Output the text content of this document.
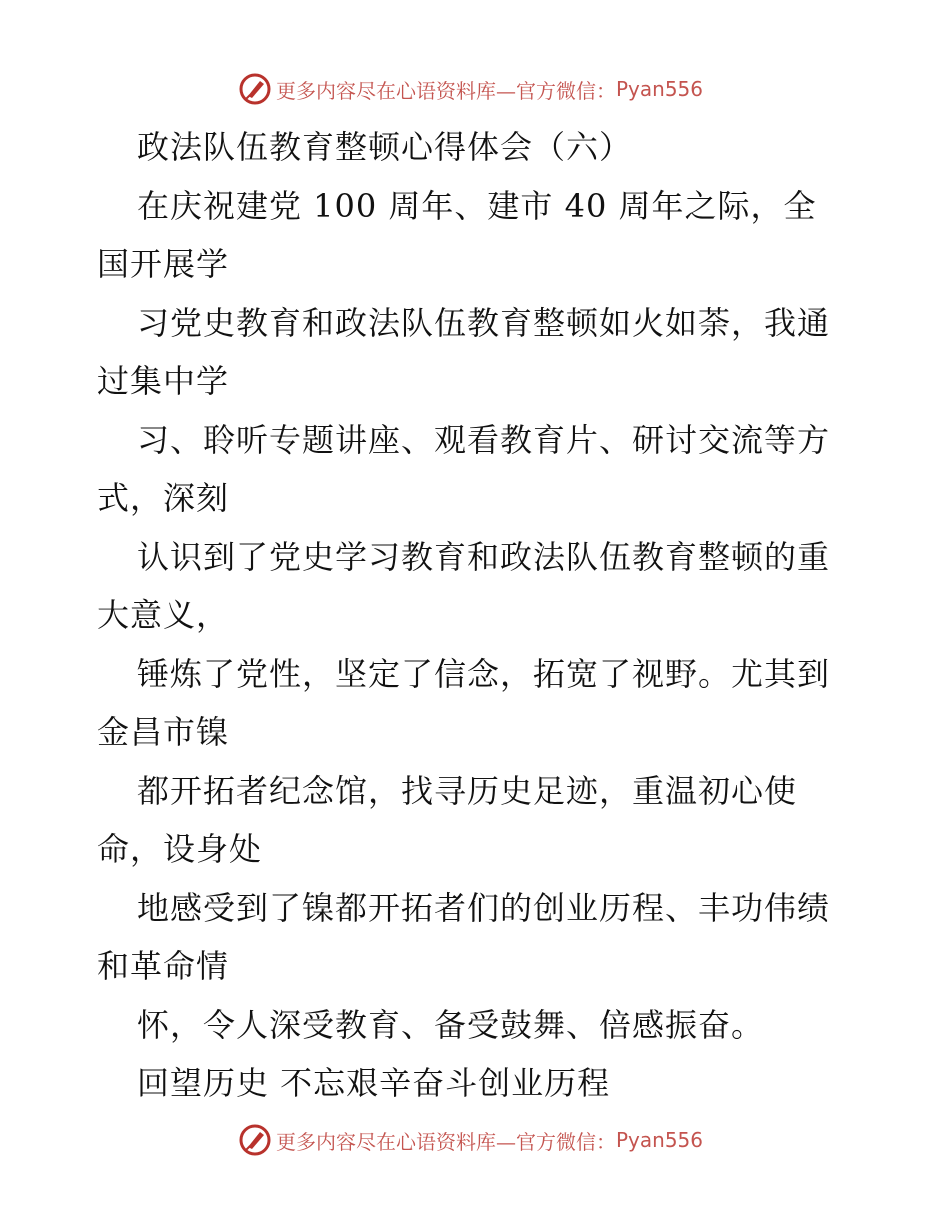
更多内容尽在心语资料库—官方微信： Pyan556
政法队伍教育整顿心得体会（六）
在庆祝建党 100 周年、建市 40 周年之际，全
国开展学
习党史教育和政法队伍教育整顿如火如荼，我通
过集中学
习、聆听专题讲座、观看教育片、研讨交流等方
式，深刻
认识到了党史学习教育和政法队伍教育整顿的重
大意义，
锤炼了党性，坚定了信念，拓宽了视野。尤其到
金昌市镍
都开拓者纪念馆，找寻历史足迹，重温初心使
命，设身处
地感受到了镍都开拓者们的创业历程、丰功伟绩
和革命情
怀，令人深受教育、备受鼓舞、倍感振奋。
回望历史 不忘艰辛奋斗创业历程
更多内容尽在心语资料库—官方微信： Pyan556
